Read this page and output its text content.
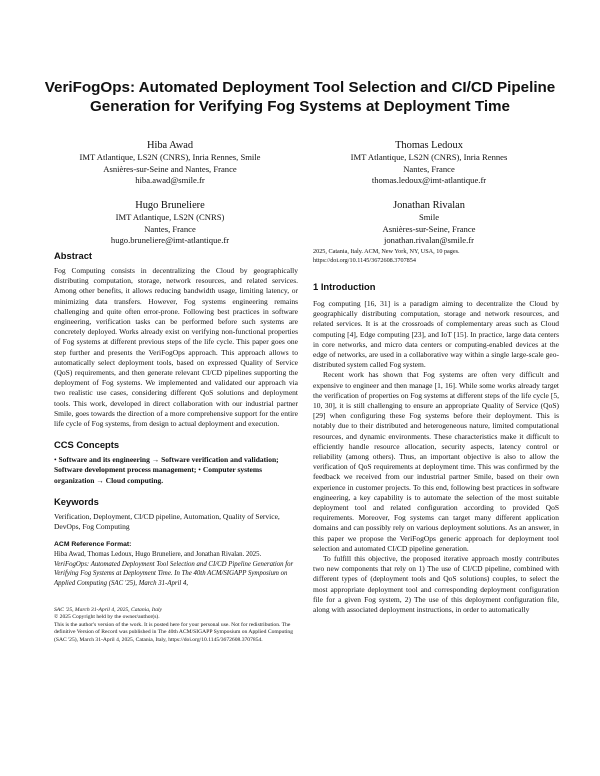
VeriFogOps: Automated Deployment Tool Selection and CI/CD Pipeline Generation for Verifying Fog Systems at Deployment Time
Hiba Awad
IMT Atlantique, LS2N (CNRS), Inria Rennes, Smile
Asnières-sur-Seine and Nantes, France
hiba.awad@smile.fr
Thomas Ledoux
IMT Atlantique, LS2N (CNRS), Inria Rennes
Nantes, France
thomas.ledoux@imt-atlantique.fr
Hugo Bruneliere
IMT Atlantique, LS2N (CNRS)
Nantes, France
hugo.bruneliere@imt-atlantique.fr
Jonathan Rivalan
Smile
Asnières-sur-Seine, France
jonathan.rivalan@smile.fr
Abstract

Fog Computing consists in decentralizing the Cloud by geographically distributing computation, storage, network resources, and related services. Among other benefits, it allows reducing bandwidth usage, limiting latency, or minimizing data transfers. However, Fog systems engineering remains challenging and quite often error-prone. Following best practices in software engineering, verification tasks can be performed before such systems are concretely deployed. Works already exist on verifying non-functional properties of Fog systems at different previous steps of the life cycle. This paper goes one step further and presents the VeriFogOps approach. This approach allows to automatically select deployment tools, based on expressed Quality of Service (QoS) requirements, and then generate relevant CI/CD pipelines supporting the deployment of Fog systems. We implemented and validated our approach via two realistic use cases, considering different QoS solutions and deployment tools. This work, developed in direct collaboration with our industrial partner Smile, goes towards the direction of a more comprehensive support for the entire life cycle of Fog systems, from design to actual deployment and execution.

CCS Concepts

• Software and its engineering → Software verification and validation; Software development process management; • Computer systems organization → Cloud computing.

Keywords

Verification, Deployment, CI/CD pipeline, Automation, Quality of Service, DevOps, Fog Computing

ACM Reference Format:

Hiba Awad, Thomas Ledoux, Hugo Bruneliere, and Jonathan Rivalan. 2025. VeriFogOps: Automated Deployment Tool Selection and CI/CD Pipeline Generation for Verifying Fog Systems at Deployment Time. In The 40th ACM/SIGAPP Symposium on Applied Computing (SAC '25), March 31-April 4,

SAC '25, March 31-April 4, 2025, Catania, Italy
© 2025 Copyright held by the owner/author(s).
This is the author's version of the work. It is posted here for your personal use. Not for redistribution. The definitive Version of Record was published in The 40th ACM/SIGAPP Symposium on Applied Computing (SAC '25), March 31-April 4, 2025, Catania, Italy, https://doi.org/10.1145/3672608.3707854.
2025, Catania, Italy. ACM, New York, NY, USA, 10 pages. https://doi.org/10.1145/3672608.3707854
1 Introduction

Fog computing [16, 31] is a paradigm aiming to decentralize the Cloud by geographically distributing computation, storage and network resources, and related services. It is at the crossroads of complementary areas such as Cloud computing [4], Edge computing [23], and IoT [15]. In practice, large data centers in core networks, and micro data centers or computing-enabled devices at the edge of networks, are used in a collaborative way within a single large-scale geo-distributed system called Fog system.

Recent work has shown that Fog systems are often very difficult and expensive to engineer and then manage [1, 16]. While some works already target the verification of properties on Fog systems at different steps of the life cycle [5, 10, 30], it is still challenging to ensure an appropriate Quality of Service (QoS) [29] when configuring these Fog systems before their deployment. This is notably due to their distributed and heterogeneous nature, limited computational resources, and dynamic environments. These characteristics make it difficult to efficiently handle resource allocation, security aspects, latency control or reliability (among others). Thus, an important objective is also to allow the verification of QoS requirements at deployment time. This was confirmed by the feedback we received from our industrial partner Smile, based on their own experience in customer projects. To this end, following best practices in software engineering, a key capability is to automate the selection of the most suitable deployment tool and related configuration according to provided QoS requirements. Moreover, Fog systems can target many different application domains and can possibly rely on various deployment solutions. As an answer, in this paper we propose the VeriFogOps generic approach for deployment tool selection and automated CI/CD pipeline generation.

To fulfill this objective, the proposed iterative approach mostly contributes two new components that rely on 1) The use of CI/CD pipeline, combined with different types of (deployment tools and QoS solutions) couples, to select the most appropriate deployment tool and corresponding deployment configuration file for a given Fog system, 2) The use of this deployment configuration file, along with associated deployment instructions, in order to automatically
